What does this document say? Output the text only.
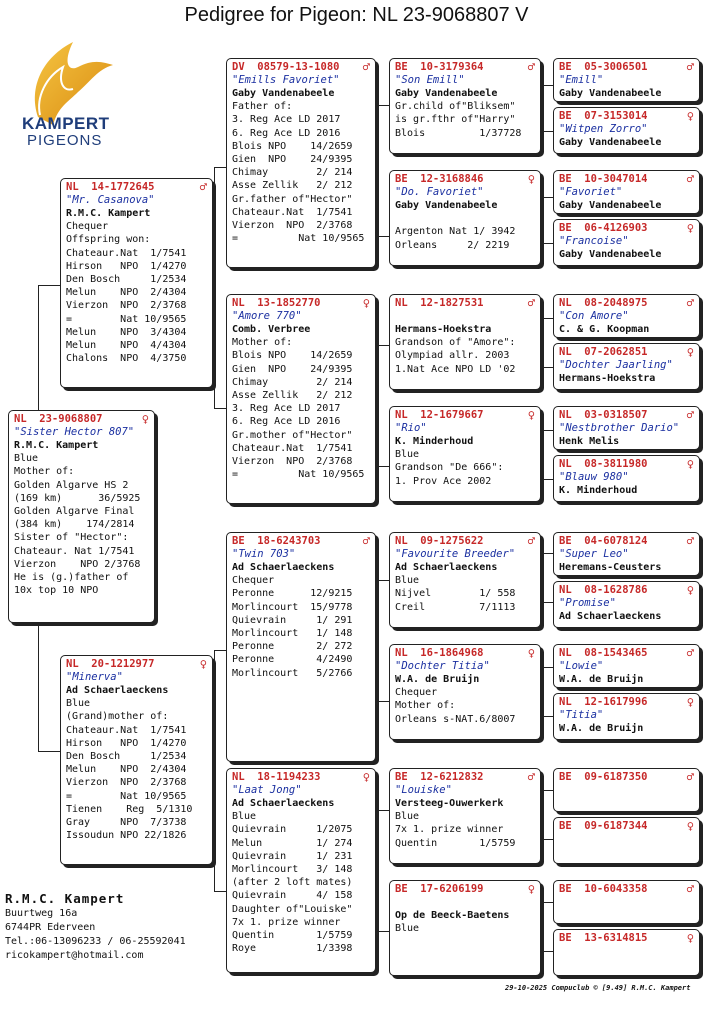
Pedigree for Pigeon: NL 23-9068807 V
KAMPERT
PIGEONS
NL  23-9068807	♀
"Sister Hector 807"
R.M.C. Kampert
Blue
Mother of:
Golden Algarve HS 2
(169 km)      36/5925
Golden Algarve Final
(384 km)    174/2814
Sister of "Hector":
Chateaur. Nat 1/7541
Vierzon    NPO 2/3768
He is (g.)father of
10x top 10 NPO
NL  14-1772645	♂
"Mr. Casanova"
R.M.C. Kampert
Chequer
Offspring won:
Chateaur.Nat  1/7541
Hirson   NPO  1/4270
Den Bosch     1/2534
Melun    NPO  2/4304
Vierzon  NPO  2/3768
=        Nat 10/9565
Melun    NPO  3/4304
Melun    NPO  4/4304
Chalons  NPO  4/3750
NL  20-1212977	♀
"Minerva"
Ad Schaerlaeckens
Blue
(Grand)mother of:
Chateaur.Nat  1/7541
Hirson   NPO  1/4270
Den Bosch     1/2534
Melun    NPO  2/4304
Vierzon  NPO  2/3768
=        Nat 10/9565
Tienen    Reg  5/1310
Gray     NPO  7/3738
Issoudun NPO 22/1826
DV  08579-13-1080 ♂
"Emills Favoriet"
Gaby Vandenabeele
Father of:
3. Reg Ace LD 2017
6. Reg Ace LD 2016
Blois NPO    14/2659
Gien  NPO    24/9395
Chimay        2/ 214
Asse Zellik   2/ 212
Gr.father of"Hector"
Chateaur.Nat  1/7541
Vierzon  NPO  2/3768
=          Nat 10/9565
NL  13-1852770	♀
"Amore 770"
Comb. Verbree
Mother of:
Blois NPO    14/2659
Gien  NPO    24/9395
Chimay        2/ 214
Asse Zellik   2/ 212
3. Reg Ace LD 2017
6. Reg Ace LD 2016
Gr.mother of"Hector"
Chateaur.Nat  1/7541
Vierzon  NPO  2/3768
=          Nat 10/9565
BE  18-6243703	♂
"Twin 703"
Ad Schaerlaeckens
Chequer
Peronne      12/9215
Morlincourt  15/9778
Quievrain     1/ 291
Morlincourt   1/ 148
Peronne       2/ 272
Peronne       4/2490
Morlincourt   5/2766
NL  18-1194233	♀
"Laat Jong"
Ad Schaerlaeckens
Blue
Quievrain     1/2075
Melun         1/ 274
Quievrain     1/ 231
Morlincourt   3/ 148
(after 2 loft mates)
Quievrain     4/ 158
Daughter of"Louiske"
7x 1. prize winner
Quentin       1/5759
Roye          1/3398
BE  10-3179364	♂
"Son Emill"
Gaby Vandenabeele
Gr.child of"Bliksem"
is gr.fthr of"Harry"
Blois         1/37728
BE  12-3168846	♀
"Do. Favoriet"
Gaby Vandenabeele

Argenton Nat 1/ 3942
Orleans     2/ 2219
NL  12-1827531	♂

Hermans-Hoekstra
Grandson of "Amore":
Olympiad allr. 2003
1.Nat Ace NPO LD '02
NL  12-1679667	♀
"Rio"
K. Minderhoud
Blue
Grandson "De 666":
1. Prov Ace 2002
NL  09-1275622	♂
"Favourite Breeder"
Ad Schaerlaeckens
Blue
Nijvel        1/ 558
Creil         7/1113
NL  16-1864968	♀
"Dochter Titia"
W.A. de Bruijn
Chequer
Mother of:
Orleans s-NAT.6/8007
BE  12-6212832	♂
"Louiske"
Versteeg-Ouwerkerk
Blue
7x 1. prize winner
Quentin       1/5759
BE  17-6206199	♀

Op de Beeck-Baetens
Blue
BE  05-3006501	♂
"Emill"
Gaby Vandenabeele
BE  07-3153014	♀
"Witpen Zorro"
Gaby Vandenabeele
BE  10-3047014	♂
"Favoriet"
Gaby Vandenabeele
BE  06-4126903	♀
"Francoise"
Gaby Vandenabeele
NL  08-2048975	♂
"Con Amore"
C. & G. Koopman
NL  07-2062851	♀
"Dochter Jaarling"
Hermans-Hoekstra
NL  03-0318507	♂
"Nestbrother Dario"
Henk Melis
NL  08-3811980	♀
"Blauw 980"
K. Minderhoud
BE  04-6078124	♂
"Super Leo"
Heremans-Ceusters
NL  08-1628786	♀
"Promise"
Ad Schaerlaeckens
NL  08-1543465	♂
"Lowie"
W.A. de Bruijn
NL  12-1617996	♀
"Titia"
W.A. de Bruijn
BE  09-6187350	♂
BE  09-6187344	♀
BE  10-6043358	♂
BE  13-6314815	♀
R.M.C. Kampert
Buurtweg 16a
6744PR Ederveen
Tel.:06-13096233 / 06-25592041
ricokampert@hotmail.com
29-10-2025 Compuclub © [9.49] R.M.C. Kampert
